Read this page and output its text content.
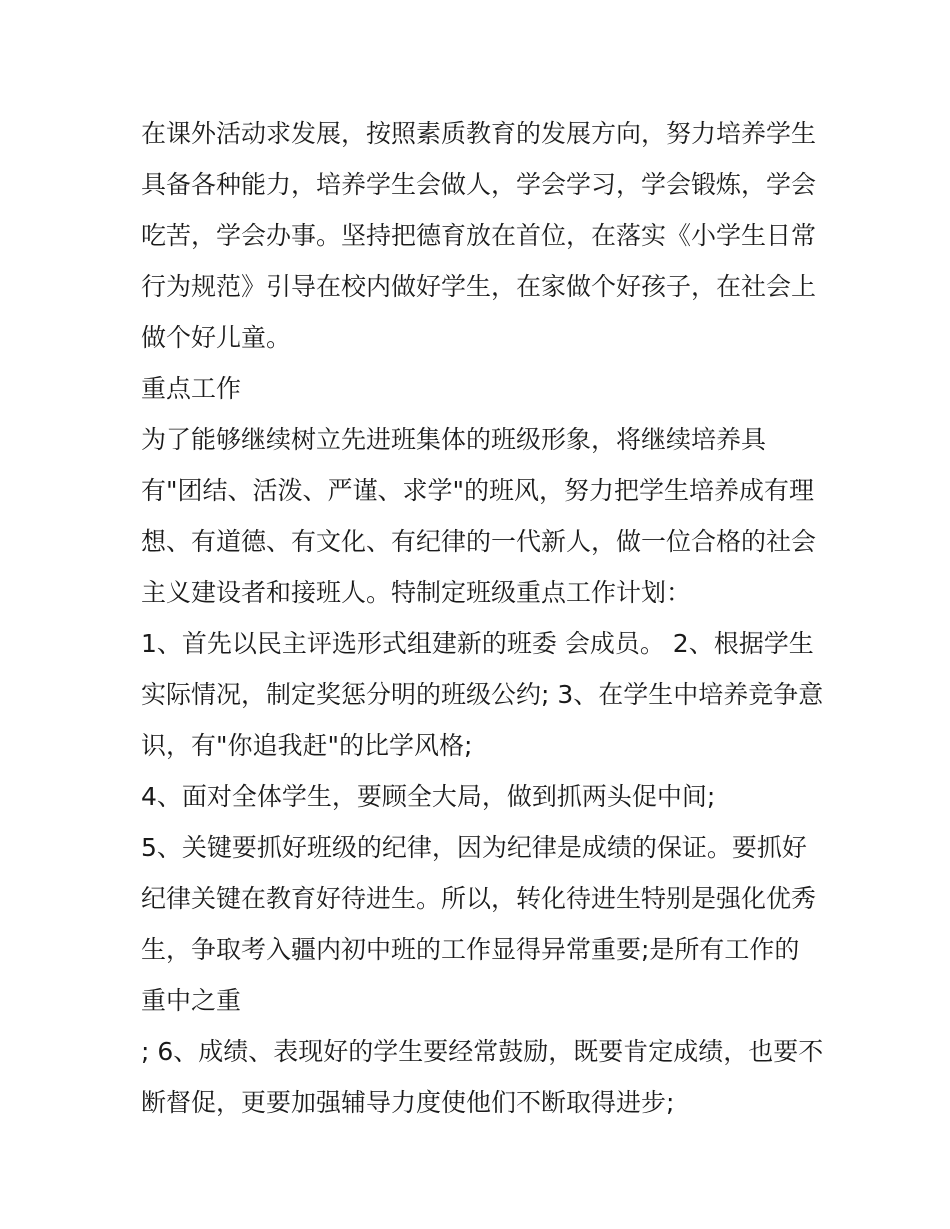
在课外活动求发展，按照素质教育的发展方向，努力培养学生
具备各种能力，培养学生会做人，学会学习，学会锻炼，学会
吃苦，学会办事。坚持把德育放在首位，在落实《小学生日常
行为规范》引导在校内做好学生，在家做个好孩子，在社会上
做个好儿童。
重点工作
为了能够继续树立先进班集体的班级形象，将继续培养具
有"团结、活泼、严谨、求学"的班风，努力把学生培养成有理
想、有道德、有文化、有纪律的一代新人，做一位合格的社会
主义建设者和接班人。特制定班级重点工作计划：
1、首先以民主评选形式组建新的班委 会成员。 2、根据学生
实际情况，制定奖惩分明的班级公约; 3、在学生中培养竞争意
识，有"你追我赶"的比学风格;
4、面对全体学生，要顾全大局，做到抓两头促中间;
5、关键要抓好班级的纪律，因为纪律是成绩的保证。要抓好
纪律关键在教育好待进生。所以，转化待进生特别是强化优秀
生，争取考入疆内初中班的工作显得异常重要;是所有工作的
重中之重
; 6、成绩、表现好的学生要经常鼓励，既要肯定成绩，也要不
断督促，更要加强辅导力度使他们不断取得进步;
